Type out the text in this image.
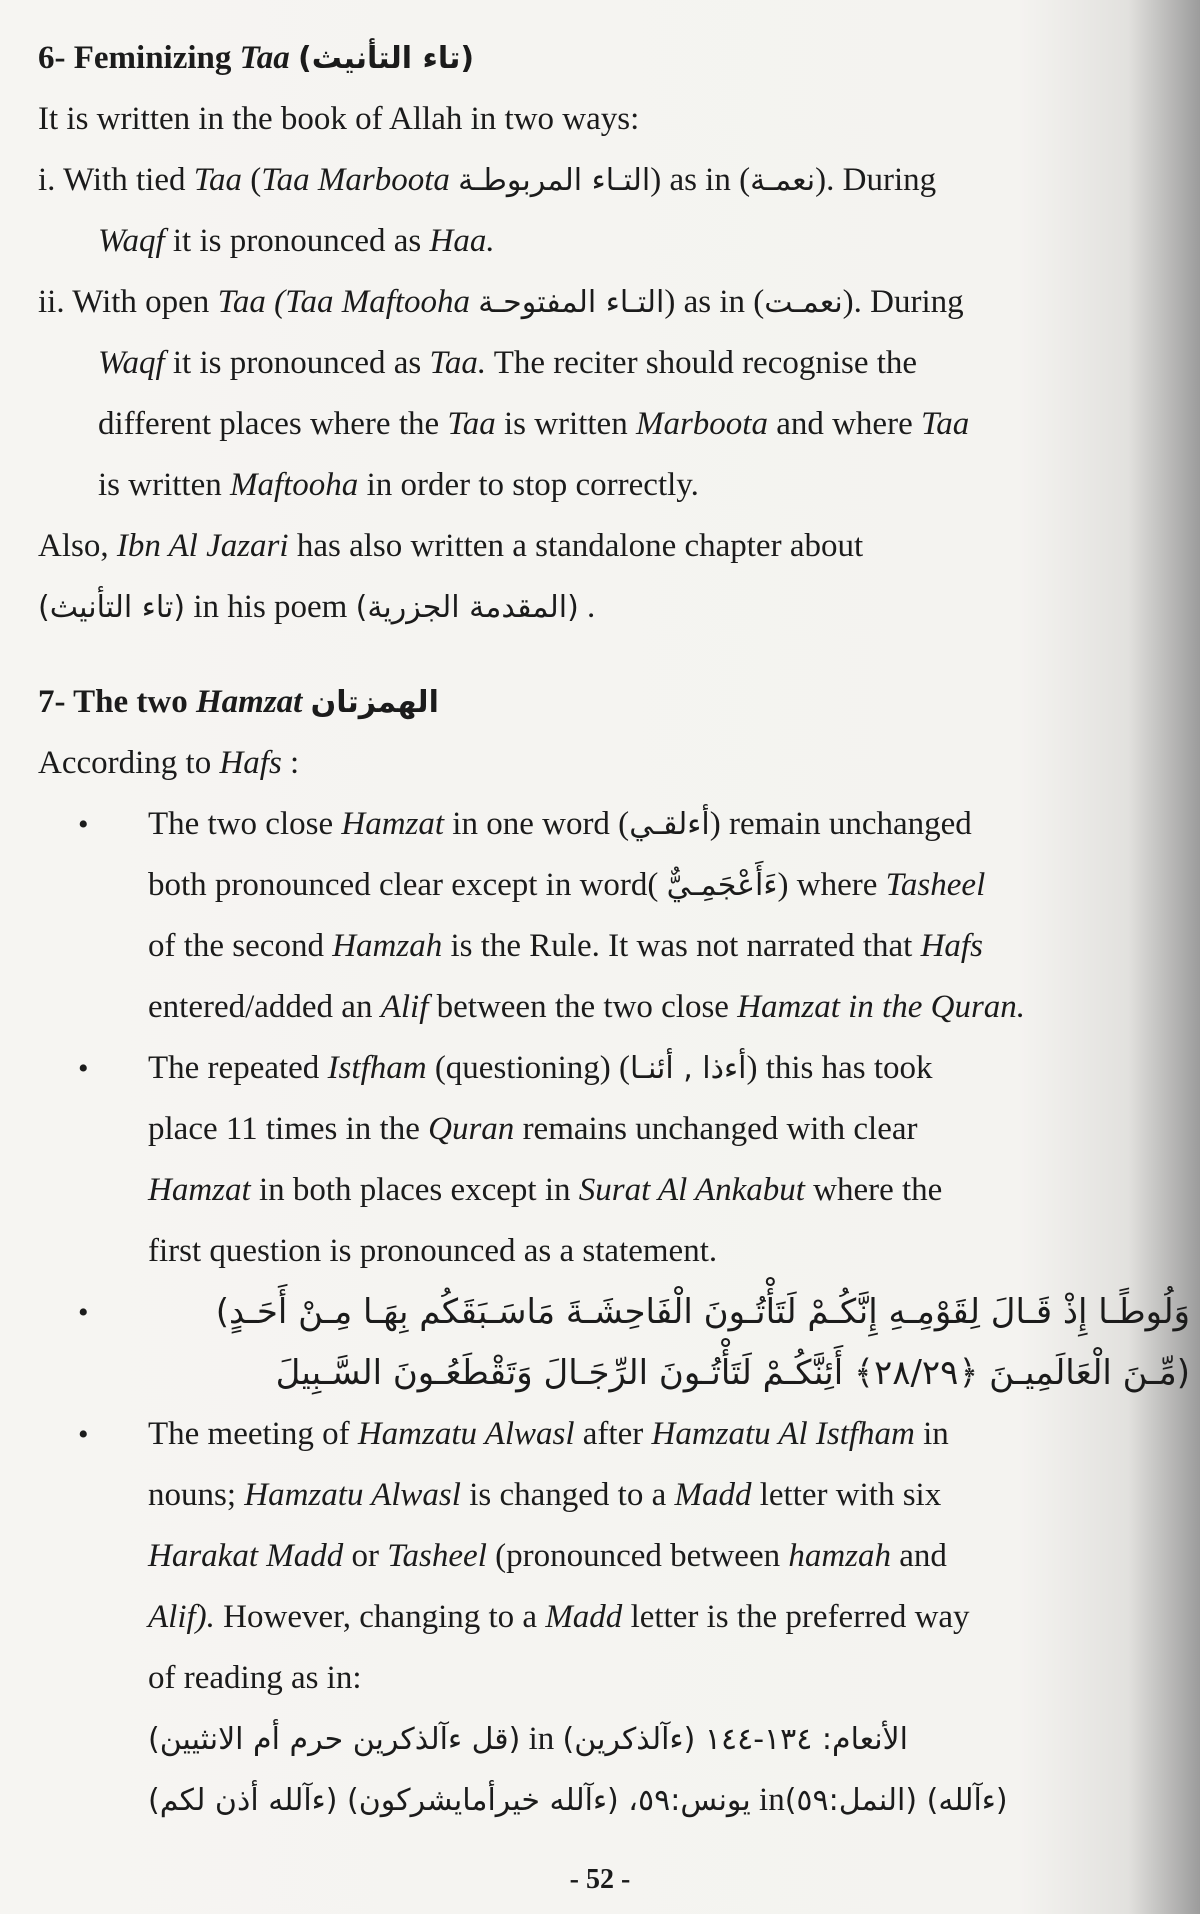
6- Feminizing Taa (تاء التأنيث)
It is written in the book of Allah in two ways:
i. With tied Taa (Taa Marboota التـاء المربوطـة) as in (نعمـة). During
Waqf it is pronounced as Haa.
ii. With open Taa (Taa Maftooha التـاء المفتوحـة) as in (نعمـت). During
Waqf it is pronounced as Taa. The reciter should recognise the
different places where the Taa is written Marboota and where Taa
is written Maftooha in order to stop correctly.
Also, Ibn Al Jazari has also written a standalone chapter about
(تاء التأنيث) in his poem (المقدمة الجزرية) .
7- The two Hamzat الهمزتان
According to Hafs :
• The two close Hamzat in one word (أءلقـي) remain unchanged
both pronounced clear except in word( ءَأَعْجَمِـيٌّ) where Tasheel
of the second Hamzah is the Rule. It was not narrated that Hafs
entered/added an Alif between the two close Hamzat in the Quran.
• The repeated Istfham (questioning) (أءذا , أئنـا) this has took
place 11 times in the Quran remains unchanged with clear
Hamzat in both places except in Surat Al Ankabut where the
first question is pronounced as a statement.
•	وَلُوطًـا إِذْ قَـالَ لِقَوْمِـهِ إِنَّكُـمْ لَتَأْتُـونَ الْفَاحِشَـةَ مَاسَـبَقَكُم بِهَـا مِـنْ أَحَـدٍ)
(مِّـنَ الْعَالَمِيـنَ ﴿٢٨/٢٩﴾ أَئِنَّكُـمْ لَتَأْتُـونَ الرِّجَـالَ وَتَقْطَعُـونَ السَّـبِيلَ
• The meeting of Hamzatu Alwasl after Hamzatu Al Istfham in
nouns; Hamzatu Alwasl is changed to a Madd letter with six
Harakat Madd or Tasheel (pronounced between hamzah and
Alif). However, changing to a Madd letter is the preferred way
of reading as in:
(قل ءآلذكرين حرم أم الانثيين) in الأنعام: ١٣٤-١٤٤ (ءآلذكرين)
(ءآلله أذن لكم) يونس:٥٩، (ءآلله خيرأمايشركون) in(النمل:٥٩) (ءآلله)
- 52 -
